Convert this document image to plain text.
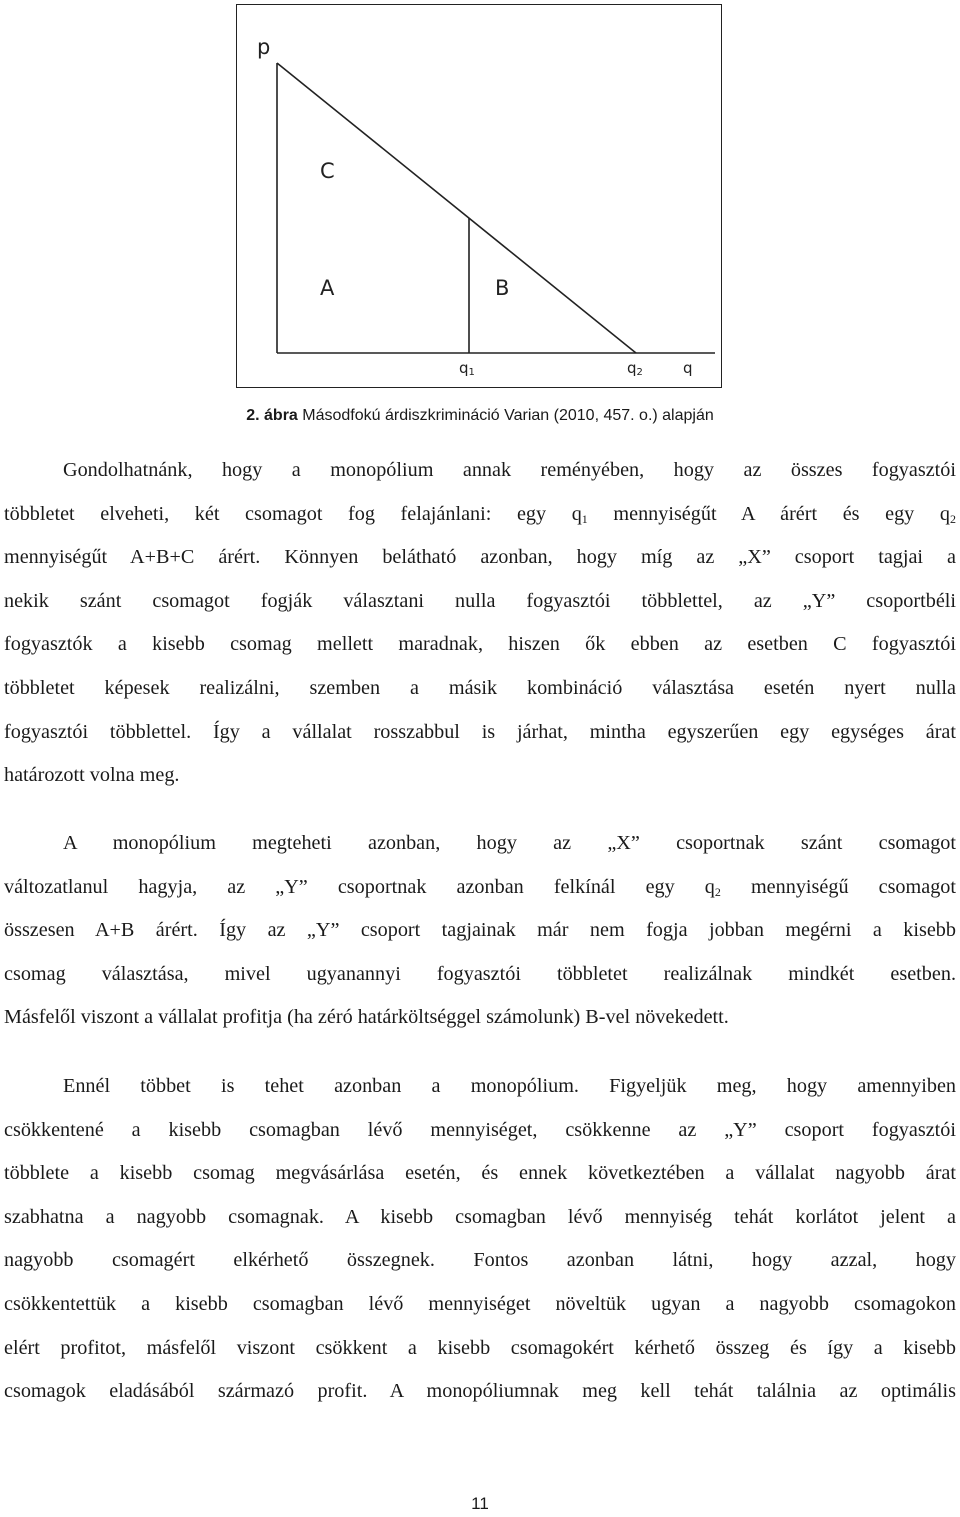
p
C
A	B
$q_1$	$q_2$	q
2. ábra Másodfokú árdiszkrimináció Varian (2010, 457. o.) alapján
Gondolhatnánk, hogy a monopólium annak reményében, hogy az összes fogyasztói
többletet elveheti, két csomagot fog felajánlani: egy $q_1$ mennyiségűt A árért és egy $q_2$
mennyiségűt A+B+C árért. Könnyen belátható azonban, hogy míg az „X” csoport tagjai a
nekik szánt csomagot fogják választani nulla fogyasztói többlettel, az „Y” csoportbéli
fogyasztók a kisebb csomag mellett maradnak, hiszen ők ebben az esetben C fogyasztói
többletet képesek realizálni, szemben a másik kombináció választása esetén nyert nulla
fogyasztói többlettel. Így a vállalat rosszabbul is járhat, mintha egyszerűen egy egységes árat
határozott volna meg.
A monopólium megteheti azonban, hogy az „X” csoportnak szánt csomagot
változatlanul hagyja, az „Y” csoportnak azonban felkínál egy $q_2$ mennyiségű csomagot
összesen A+B árért. Így az „Y” csoport tagjainak már nem fogja jobban megérni a kisebb
csomag választása, mivel ugyanannyi fogyasztói többletet realizálnak mindkét esetben.
Másfelől viszont a vállalat profitja (ha zéró határköltséggel számolunk) B-vel növekedett.
Ennél többet is tehet azonban a monopólium. Figyeljük meg, hogy amennyiben
csökkentené a kisebb csomagban lévő mennyiséget, csökkenne az „Y” csoport fogyasztói
többlete a kisebb csomag megvásárlása esetén, és ennek következtében a vállalat nagyobb árat
szabhatna a nagyobb csomagnak. A kisebb csomagban lévő mennyiség tehát korlátot jelent a
nagyobb csomagért elkérhető összegnek. Fontos azonban látni, hogy azzal, hogy
csökkentettük a kisebb csomagban lévő mennyiséget növeltük ugyan a nagyobb csomagokon
elért profitot, másfelől viszont csökkent a kisebb csomagokért kérhető összeg és így a kisebb
csomagok eladásából származó profit. A monopóliumnak meg kell tehát találnia az optimális
11
